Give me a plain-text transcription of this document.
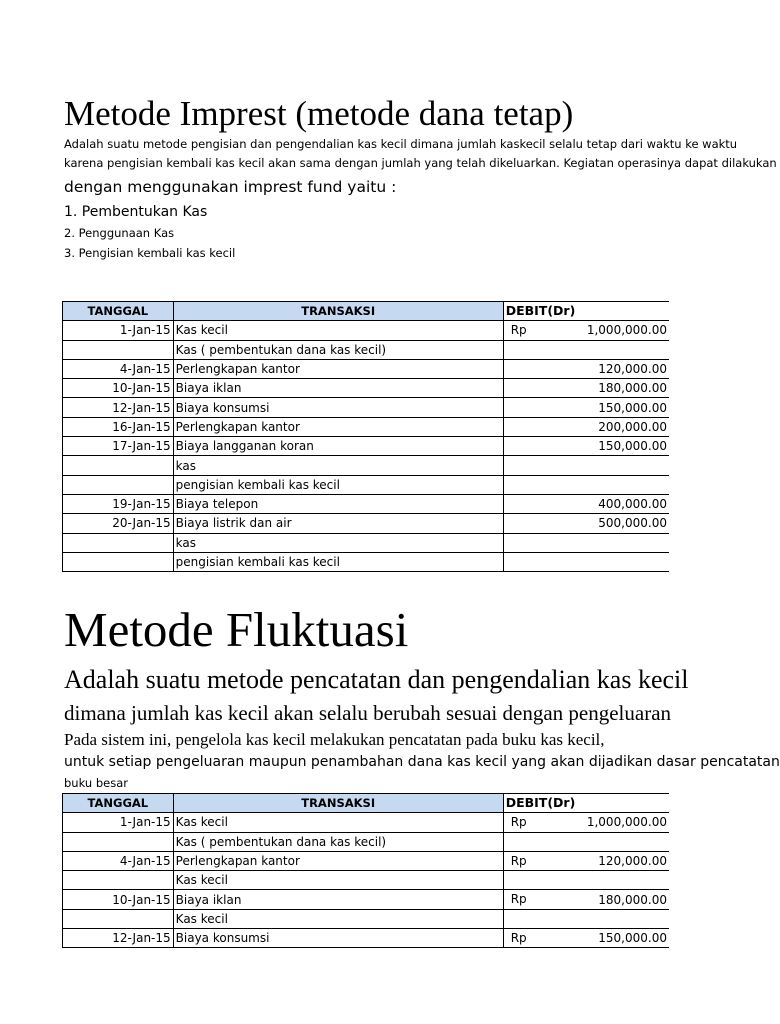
Metode Imprest (metode dana tetap)
Adalah suatu metode pengisian dan pengendalian kas kecil dimana jumlah kaskecil selalu tetap dari waktu ke waktu
karena pengisian kembali kas kecil akan sama dengan jumlah yang telah dikeluarkan. Kegiatan operasinya dapat dilakukan
dengan menggunakan imprest fund yaitu :
1. Pembentukan Kas
2. Penggunaan Kas
3. Pengisian kembali kas kecil
TANGGAL	TRANSAKSI	DEBIT(Dr)
1-Jan-15	Kas kecil	Rp 1,000,000.00
	Kas ( pembentukan dana kas kecil)	

4-Jan-15	Perlengkapan kantor	120,000.00
10-Jan-15	Biaya iklan	180,000.00
12-Jan-15	Biaya konsumsi	150,000.00
16-Jan-15	Perlengkapan kantor	200,000.00
17-Jan-15	Biaya langganan koran	150,000.00
	kas	

	pengisian kembali kas kecil	

19-Jan-15	Biaya telepon	400,000.00
20-Jan-15	Biaya listrik dan air	500,000.00
	kas	

	pengisian kembali kas kecil	
Metode Fluktuasi
Adalah suatu metode pencatatan dan pengendalian kas kecil
dimana jumlah kas kecil akan selalu berubah sesuai dengan pengeluaran
Pada sistem ini, pengelola kas kecil melakukan pencatatan pada buku kas kecil,
untuk setiap pengeluaran maupun penambahan dana kas kecil yang akan dijadikan dasar pencatatan
buku besar
TANGGAL	TRANSAKSI	DEBIT(Dr)
1-Jan-15	Kas kecil	Rp 1,000,000.00
	Kas ( pembentukan dana kas kecil)	

4-Jan-15	Perlengkapan kantor	Rp 120,000.00
	Kas kecil	

10-Jan-15	Biaya iklan	Rp 180,000.00
	Kas kecil	

12-Jan-15	Biaya konsumsi	Rp 150,000.00
